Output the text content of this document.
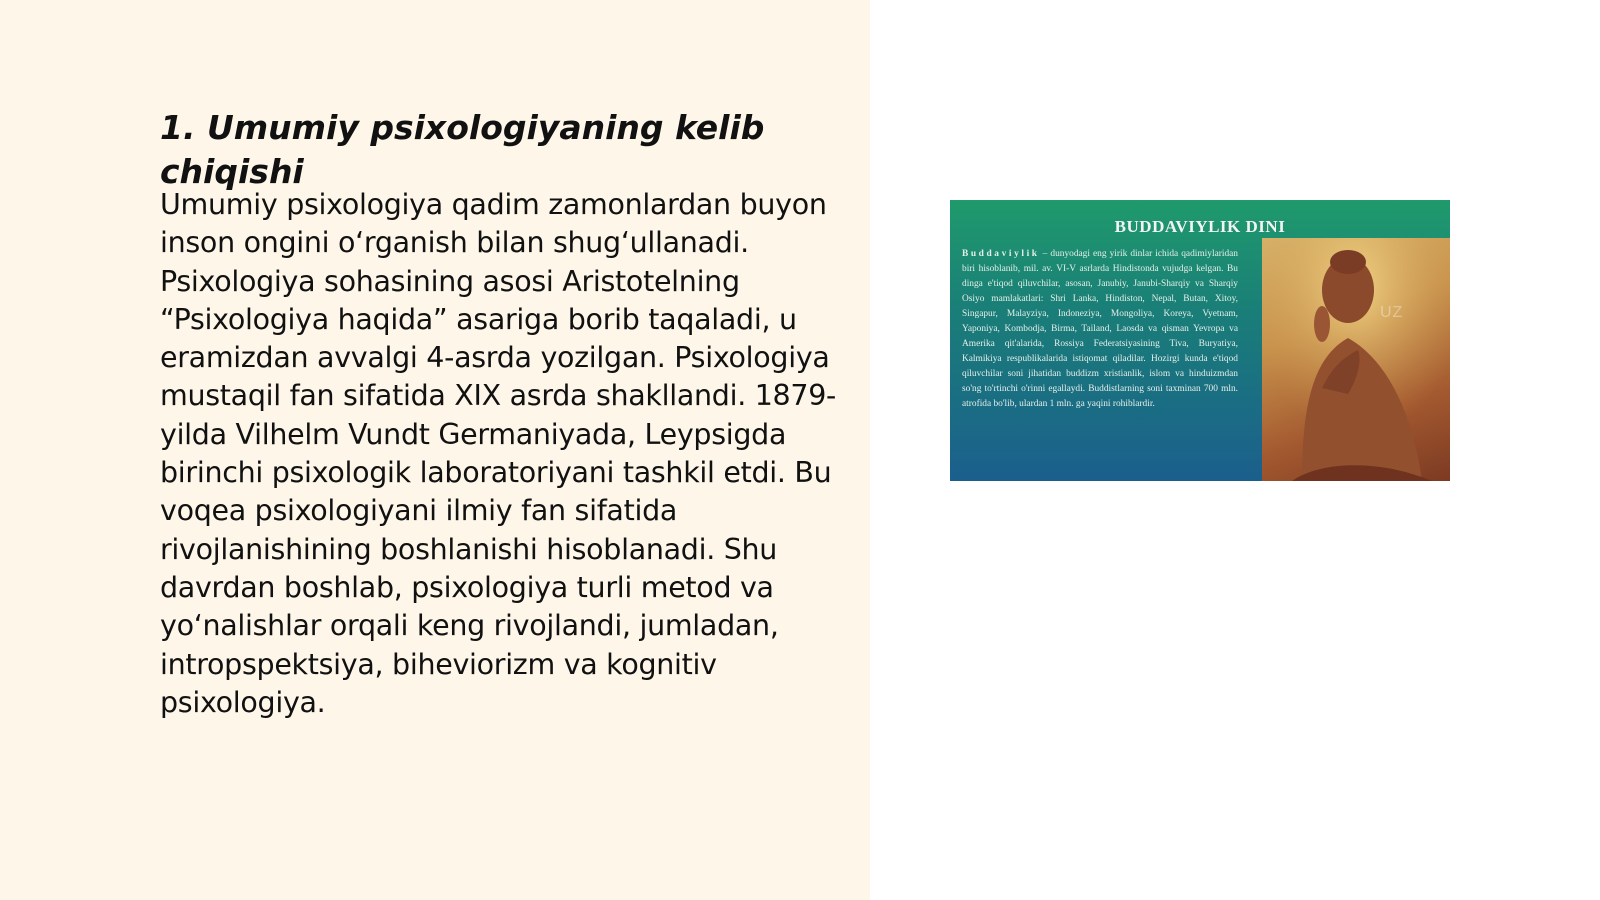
1. Umumiy psixologiyaning kelib chiqishi

Umumiy psixologiya qadim zamonlardan buyon inson ongini o‘rganish bilan shug‘ullanadi. Psixologiya sohasining asosi Aristotelning “Psixologiya haqida” asariga borib taqaladi, u eramizdan avvalgi 4-asrda yozilgan. Psixologiya mustaqil fan sifatida XIX asrda shakllandi. 1879-yilda Vilhelm Vundt Germaniyada, Leypsigda birinchi psixologik laboratoriyani tashkil etdi. Bu voqea psixologiyani ilmiy fan sifatida rivojlanishining boshlanishi hisoblanadi. Shu davrdan boshlab, psixologiya turli metod va yo‘nalishlar orqali keng rivojlandi, jumladan, intropspektsiya, biheviorizm va kognitiv psixologiya.

BUDDAVIYLIK DINI
Buddaviylik – dunyodagi eng yirik dinlar ichida qadimiylaridan biri hisoblanib, mil. av. VI-V asrlarda Hindistonda vujudga kelgan. Bu dinga e'tiqod qiluvchilar, asosan, Janubiy, Janubi-Sharqiy va Sharqiy Osiyo mamlakatlari: Shri Lanka, Hindiston, Nepal, Butan, Xitoy, Singapur, Malayziya, Indoneziya, Mongoliya, Koreya, Vyetnam, Yaponiya, Kombodja, Birma, Tailand, Laosda va qisman Yevropa va Amerika qit'alarida, Rossiya Federatsiyasining Tiva, Buryatiya, Kalmikiya respublikalarida istiqomat qiladilar. Hozirgi kunda e'tiqod qiluvchilar soni jihatidan buddizm xristianlik, islom va hinduizmdan so'ng to'rtinchi o'rinni egallaydi. Buddistlarning soni taxminan 700 mln. atrofida bo'lib, ulardan 1 mln. ga yaqini rohiblardir.
UZ
